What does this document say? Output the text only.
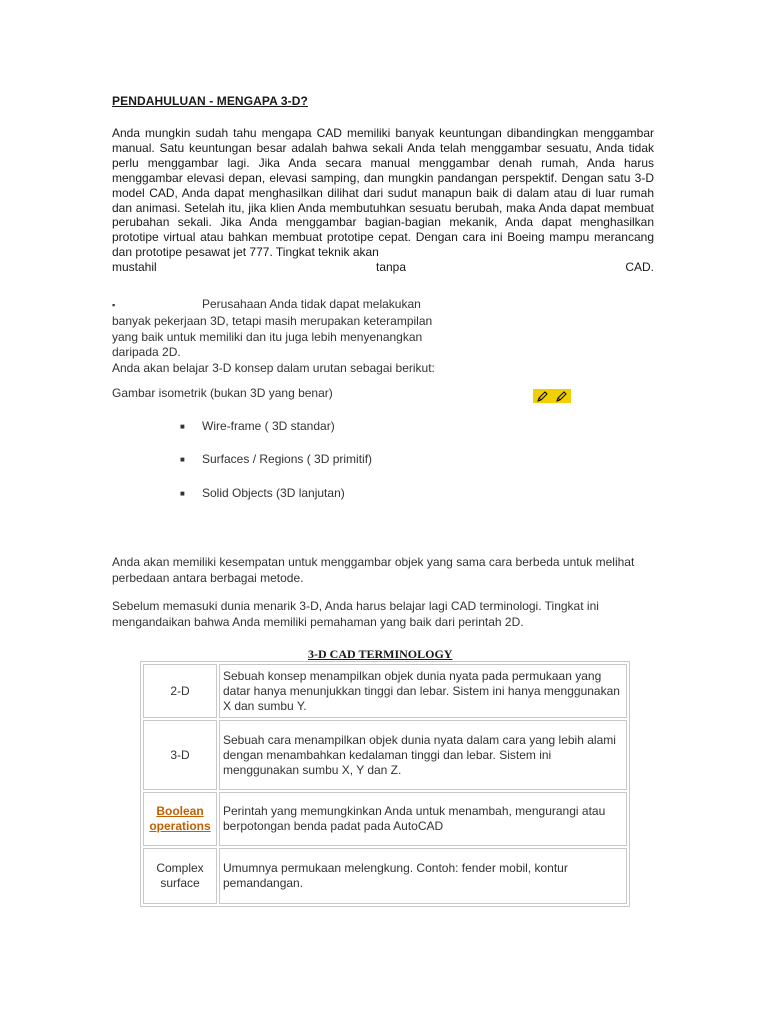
PENDAHULUAN - MENGAPA 3-D?
Anda mungkin sudah tahu mengapa CAD memiliki banyak keuntungan dibandingkan menggambar manual. Satu keuntungan besar adalah bahwa sekali Anda telah menggambar sesuatu, Anda tidak perlu menggambar lagi. Jika Anda secara manual menggambar denah rumah, Anda harus menggambar elevasi depan, elevasi samping, dan mungkin pandangan perspektif. Dengan satu 3-D model CAD, Anda dapat menghasilkan dilihat dari sudut manapun baik di dalam atau di luar rumah dan animasi. Setelah itu, jika klien Anda membutuhkan sesuatu berubah, maka Anda dapat membuat perubahan sekali. Jika Anda menggambar bagian-bagian mekanik, Anda dapat menghasilkan prototipe virtual atau bahkan membuat prototipe cepat. Dengan cara ini Boeing mampu merancang dan prototipe pesawat jet 777. Tingkat teknik akan
mustahil	tanpa	CAD.
▪	Perusahaan Anda tidak dapat melakukan
banyak pekerjaan 3D, tetapi masih merupakan keterampilan yang baik untuk memiliki dan itu juga lebih menyenangkan daripada 2D.
Anda akan belajar 3-D konsep dalam urutan sebagai berikut:
Gambar isometrik (bukan 3D yang benar)
■ Wire-frame ( 3D standar)
■ Surfaces / Regions ( 3D primitif)
■ Solid Objects (3D lanjutan)

Anda akan memiliki kesempatan untuk menggambar objek yang sama cara berbeda untuk melihat perbedaan antara berbagai metode.

Sebelum memasuki dunia menarik 3-D, Anda harus belajar lagi CAD terminologi. Tingkat ini mengandaikan bahwa Anda memiliki pemahaman yang baik dari perintah 2D.

3-D CAD TERMINOLOGY
2-D	Sebuah konsep menampilkan objek dunia nyata pada permukaan yang datar hanya menunjukkan tinggi dan lebar. Sistem ini hanya menggunakan X dan sumbu Y.
3-D	Sebuah cara menampilkan objek dunia nyata dalam cara yang lebih alami dengan menambahkan kedalaman tinggi dan lebar. Sistem ini menggunakan sumbu X, Y dan Z.
Boolean operations	Perintah yang memungkinkan Anda untuk menambah, mengurangi atau berpotongan benda padat pada AutoCAD
Complex surface	Umumnya permukaan melengkung. Contoh: fender mobil, kontur pemandangan.
